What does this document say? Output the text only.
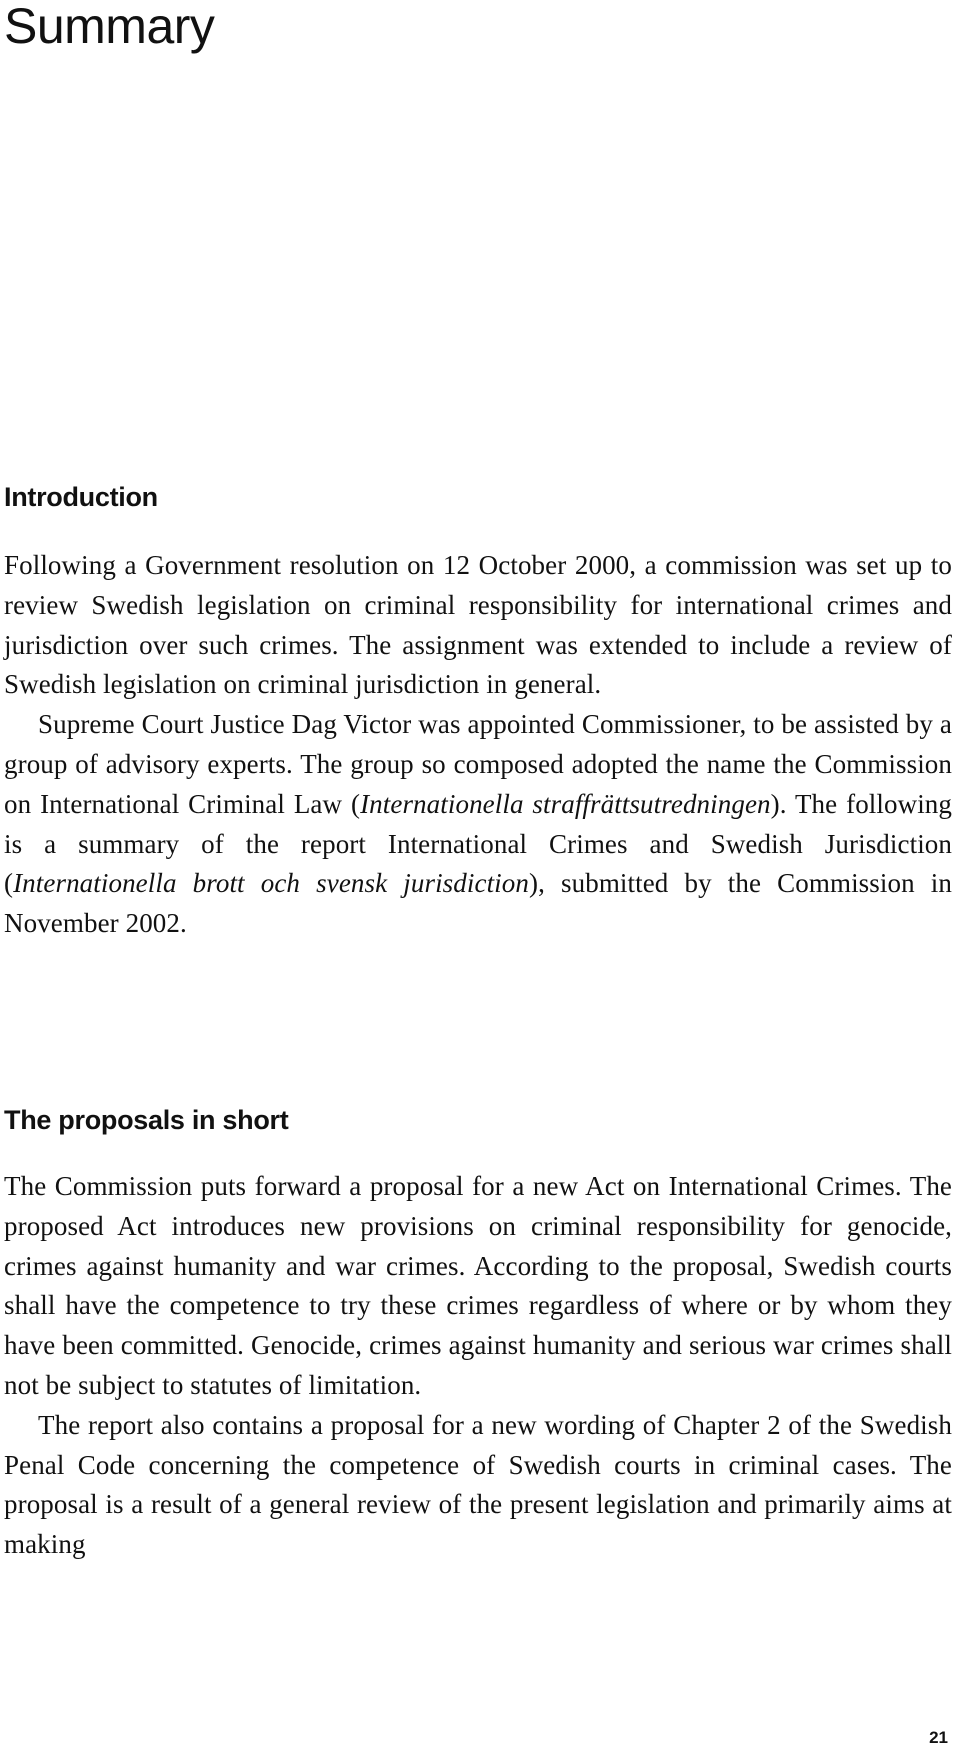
Summary
Introduction

Following a Government resolution on 12 October 2000, a commission was set up to review Swedish legislation on criminal responsibility for international crimes and jurisdiction over such crimes. The assignment was extended to include a review of Swedish legislation on criminal jurisdiction in general.

Supreme Court Justice Dag Victor was appointed Commissioner, to be assisted by a group of advisory experts. The group so composed adopted the name the Commission on International Criminal Law (Internationella straffrättsutredningen). The following is a summary of the report International Crimes and Swedish Jurisdiction (Internationella brott och svensk jurisdiction), submitted by the Commission in November 2002.

The proposals in short

The Commission puts forward a proposal for a new Act on International Crimes. The proposed Act introduces new provisions on criminal responsibility for genocide, crimes against humanity and war crimes. According to the proposal, Swedish courts shall have the competence to try these crimes regardless of where or by whom they have been committed. Genocide, crimes against humanity and serious war crimes shall not be subject to statutes of limitation.

The report also contains a proposal for a new wording of Chapter 2 of the Swedish Penal Code concerning the competence of Swedish courts in criminal cases. The proposal is a result of a general review of the present legislation and primarily aims at making

21
